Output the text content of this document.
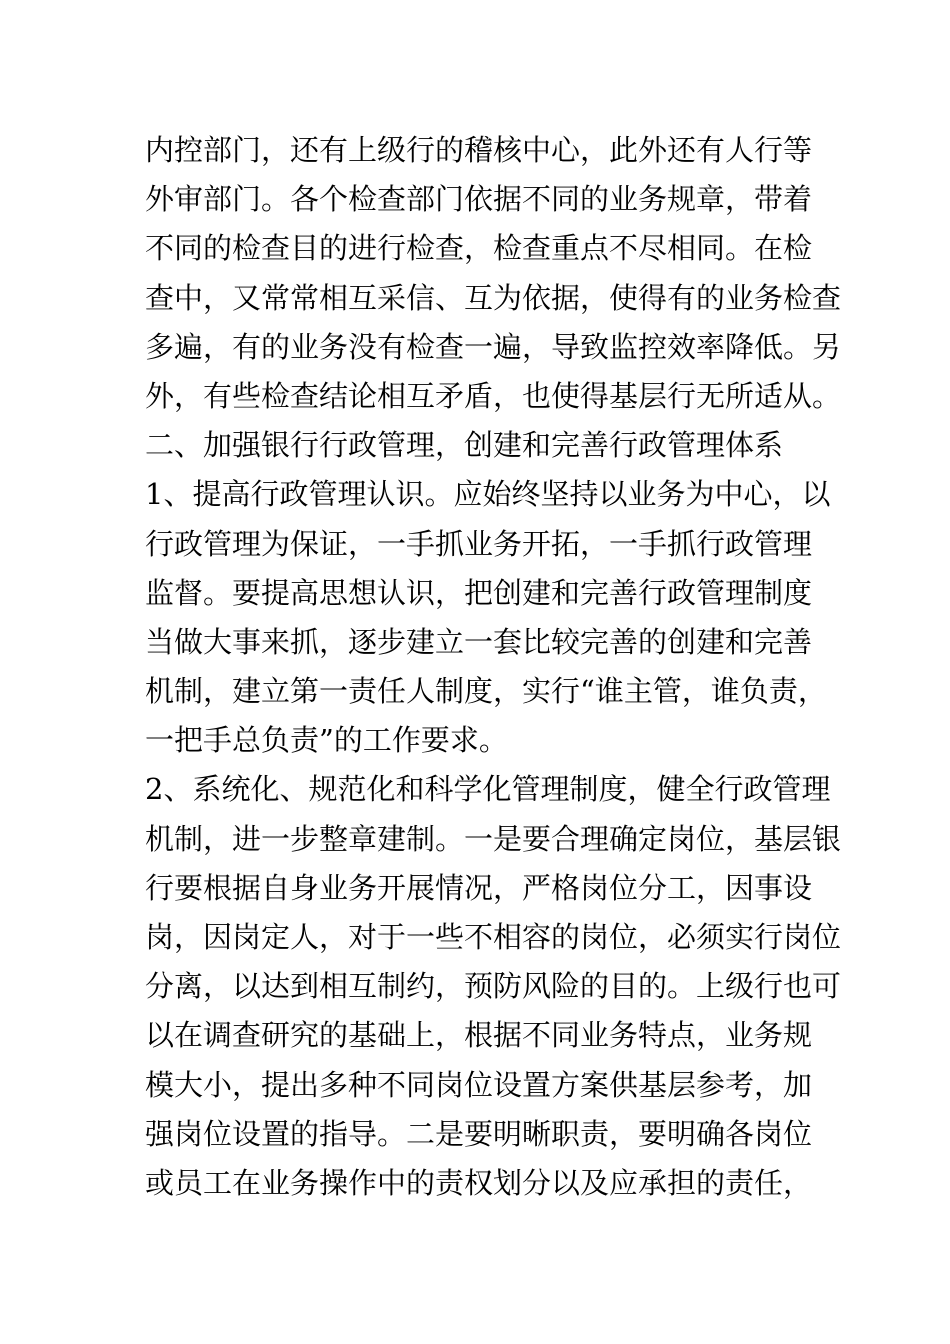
内控部门，还有上级行的稽核中心，此外还有人行等
外审部门。各个检查部门依据不同的业务规章，带着
不同的检查目的进行检查，检查重点不尽相同。在检
查中，又常常相互采信、互为依据，使得有的业务检查
多遍，有的业务没有检查一遍，导致监控效率降低。另
外，有些检查结论相互矛盾，也使得基层行无所适从。
二、加强银行行政管理，创建和完善行政管理体系
1、提高行政管理认识。应始终坚持以业务为中心，以
行政管理为保证，一手抓业务开拓，一手抓行政管理
监督。要提高思想认识，把创建和完善行政管理制度
当做大事来抓，逐步建立一套比较完善的创建和完善
机制，建立第一责任人制度，实行“谁主管，谁负责，
一把手总负责”的工作要求。
2、系统化、规范化和科学化管理制度，健全行政管理
机制，进一步整章建制。一是要合理确定岗位，基层银
行要根据自身业务开展情况，严格岗位分工，因事设
岗，因岗定人，对于一些不相容的岗位，必须实行岗位
分离，以达到相互制约，预防风险的目的。上级行也可
以在调查研究的基础上，根据不同业务特点，业务规
模大小，提出多种不同岗位设置方案供基层参考，加
强岗位设置的指导。二是要明晰职责，要明确各岗位
或员工在业务操作中的责权划分以及应承担的责任，
